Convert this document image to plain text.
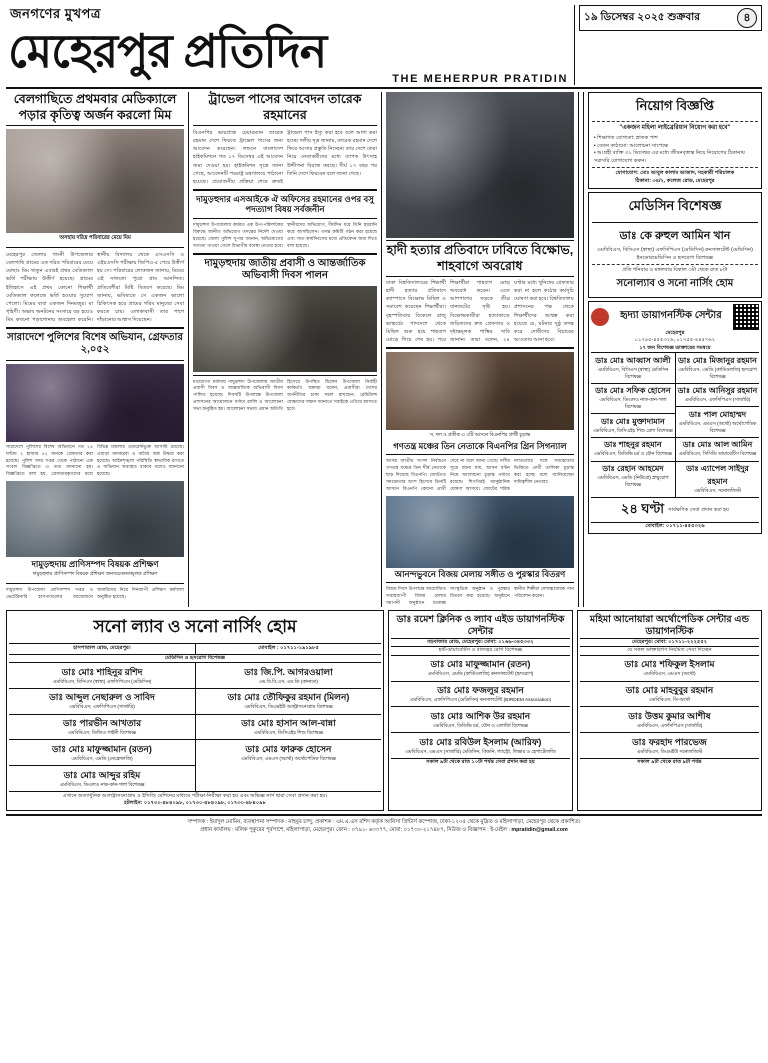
জনগণের মুখপত্র
মেহেরপুর প্রতিদিন
THE MEHERPUR PRATIDIN
১৯ ডিসেম্বর ২০২৫ শুক্রবার	৪
বেলগাছিতে প্রথমবার মেডিক্যালে পড়ার কৃতিত্ব অর্জন করলো মিম
অসহায় দরিদ্র পরিবারের মেয়ে মিম
মেহেরপুর জেলার গাংনী উপজেলার বেলগাছি গ্রামের এক দরিদ্র পরিবারের মেয়ে মোছাঃ মিম খাতুন এবারই প্রথম মেডিক্যাল ভর্তি পরীক্ষায় উত্তীর্ণ হয়েছে। গ্রামের ইতিহাসে এই প্রথম কোনো শিক্ষার্থী মেডিক্যাল কলেজে ভর্তি হওয়ার সুযোগ পেলো। মিমের বাবা একজন দিনমজুর। মা গৃহিণী। অভাব অনটনের সংসারে বড় হয়েও মিম কখনো পড়াশোনায় অবহেলা করেনি। স্থানীয় বিদ্যালয় থেকে এসএসসি ও এইচএসসি পরীক্ষায় জিপিএ-৫ পেয়ে উত্তীর্ণ হয় সে। পরিবারের লোকজন জানায়, মিমের এই সাফল্যে পুরো গ্রাম আনন্দিত। প্রতিবেশীরা মিষ্টি বিতরণ করেছে। মিম জানায়, ভবিষ্যতে সে একজন ভালো চিকিৎসক হয়ে গ্রামের গরিব মানুষের সেবা করতে চায়। এলাকাবাসী তার পাশে দাঁড়ানোর আশ্বাস দিয়েছেন।
সারাদেশে পুলিশের বিশেষ অভিযান, গ্রেফতার ২,০৫২
সারাদেশে পুলিশের বিশেষ অভিযানে গত ২৪ ঘণ্টায় ২ হাজার ৫২ জনকে গ্রেফতার করা হয়েছে। পুলিশ সদর দপ্তর থেকে পাঠানো এক সংবাদ বিজ্ঞপ্তিতে এ তথ্য জানানো হয়। বিজ্ঞপ্তিতে বলা হয়, গ্রেফতারকৃতদের মধ্যে বিভিন্ন মামলার ওয়ারেন্টভুক্ত আসামি রয়েছে। এছাড়া মাদকদ্রব্য ও অবৈধ অস্ত্র উদ্ধার করা হয়েছে। আইনশৃঙ্খলা পরিস্থিতি স্বাভাবিক রাখতে এ অভিযান অব্যাহত থাকবে বলেও জানানো হয়েছে।
দামুড়হুদায় প্রাণিসম্পদ বিষয়ক প্রশিক্ষণ
দামুড়হুদায় প্রাণিসম্পদ বিষয়ক প্রশিক্ষণ জনসচেতনতামূলক প্রশিক্ষণ
দামুড়হুদা উপজেলা প্রাণিসম্পদ দপ্তর ও ভেটেরিনারি হাসপাতালের আয়োজনে খামারিদের নিয়ে দিনব্যাপী প্রশিক্ষণ কর্মশালা অনুষ্ঠিত হয়েছে।
ট্রাভেল পাসের আবেদন তারেক রহমানের
বিএনপির ভারপ্রাপ্ত চেয়ারম্যান তারেক রহমান দেশে ফিরতে ট্রাভেল পাসের জন্য আবেদন করেছেন। লন্ডনে বাংলাদেশ হাইকমিশনে গত ১৭ ডিসেম্বর এই আবেদন জমা দেওয়া হয়। হাইকমিশন সূত্রে জানা গেছে, আবেদনটি পররাষ্ট্র মন্ত্রণালয়ে পাঠানো হয়েছে। প্রয়োজনীয় প্রক্রিয়া শেষে দ্রুতই ট্রাভেল পাস ইস্যু করা হবে বলে আশা করা হচ্ছে। দলীয় সূত্র জানায়, তারেক রহমান দেশে ফিরে আসার প্রস্তুতি নিচ্ছেন। তার দেশে ফেরা নিয়ে নেতাকর্মীদের মধ্যে ব্যাপক উৎসাহ উদ্দীপনা বিরাজ করছে। দীর্ঘ ১৭ বছর পর তিনি দেশে ফিরবেন বলে জানা গেছে।
দামুড়হুদার এসআইকে ঐ অফিসের রহমানের ওপর বসু পদত্যাগ বিষয় সর্বজনীন
দামুড়হুদা উপজেলায় কর্মরত এক উপ-পরিদর্শকের বিরুদ্ধে আনীত অভিযোগ তদন্তের নির্দেশ দেওয়া হয়েছে। জেলা পুলিশ সুপার জানান, অভিযোগের সত্যতা পাওয়া গেলে বিভাগীয় ব্যবস্থা নেওয়া হবে। স্থানীয়দের অভিযোগ, দীর্ঘদিন ধরে তিনি হয়রানি করে আসছিলেন। তদন্ত কমিটি গঠন করা হয়েছে এবং সাত কার্যদিবসের মধ্যে প্রতিবেদন জমা দিতে বলা হয়েছে।
দামুড়হুদায় জাতীয় প্রবাসী ও আন্তর্জাতিক অভিবাসী দিবস পালন
যথাযোগ্য মর্যাদায় দামুড়হুদা উপজেলায় জাতীয় প্রবাসী দিবস ও আন্তর্জাতিক অভিবাসী দিবস পালিত হয়েছে। দিবসটি উপলক্ষে উপজেলা প্রশাসনের আয়োজনে বর্ণাঢ্য র‍্যালি ও আলোচনা সভা অনুষ্ঠিত হয়। আলোচনা সভায় প্রধান অতিথি হিসেবে উপস্থিত ছিলেন উপজেলা নির্বাহী কর্মকর্তা। বক্তারা বলেন, প্রবাসীরা দেশের অর্থনীতির চাকা সচল রাখছেন। রেমিট্যান্স যোদ্ধাদের সম্মান জানাতে সবাইকে এগিয়ে আসতে হবে।
হাদী হত্যার প্রতিবাদে ঢাবিতে বিক্ষোভ, শাহবাগে অবরোধ
ঢাকা বিশ্ববিদ্যালয়ের শিক্ষার্থী হাদী হত্যার প্রতিবাদে ক্যাম্পাসে বিক্ষোভ মিছিল ও সমাবেশ করেছেন শিক্ষার্থীরা। বৃহস্পতিবার বিকেলে রাজু ভাস্কর্যের পাদদেশে থেকে মিছিল শুরু হয়ে শাহবাগ মোড়ে গিয়ে শেষ হয়। পরে শিক্ষার্থীরা শাহবাগ মোড় অবরোধ করেন। এতে আশপাশের সড়কে তীব্র যানজটের সৃষ্টি হয়। বিক্ষোভকারীরা হত্যাকাণ্ডে জড়িতদের দ্রুত গ্রেফতার ও দৃষ্টান্তমূলক শাস্তির দাবি জানান। তারা বলেন, ২৪ ঘণ্টার মধ্যে খুনিদের গ্রেফতার করা না হলে কঠোর কর্মসূচি ঘোষণা করা হবে। বিশ্ববিদ্যালয় প্রশাসনের পক্ষ থেকে শিক্ষার্থীদের আশ্বস্ত করা হয়েছে যে, ঘটনার সুষ্ঠু তদন্ত করে দোষীদের বিচারের আওতায় আনা হবে।
স, দল ও প্রতীক এ ৩টি আসনে বিএনপির প্রার্থী চূড়ান্ত
গণতন্ত্র মঞ্চের তিন নেতাকে বিএনপির গ্রিন সিগন্যাল
আসন্ন জাতীয় সংসদ নির্বাচনে গণতন্ত্র মঞ্চের তিন শীর্ষ নেতাকে ছাড় দিয়েছে বিএনপি। জোটগত সমঝোতার অংশ হিসেবে তিনটি আসনে বিএনপি কোনো প্রার্থী দেবে না বলে জানা গেছে। দলীয় সূত্রে জানা যায়, আসন বণ্টন নিয়ে আলোচনা চূড়ান্ত পর্যায়ে রয়েছে। শিগগিরই আনুষ্ঠানিক ঘোষণা আসবে। জোটের শরিক দলগুলোর সঙ্গে সমঝোতার ভিত্তিতে প্রার্থী তালিকা চূড়ান্ত করা হচ্ছে বলে জানিয়েছেন দায়িত্বশীল নেতারা।
আনন্দভুবনে বিজয় মেলায় সঙ্গীত ও পুরস্কার বিতরণ
বিজয় দিবস উপলক্ষে আয়োজিত সপ্তাহব্যাপী বিজয় মেলার সমাপনী অনুষ্ঠানে মনোজ্ঞ সাংস্কৃতিক অনুষ্ঠান ও পুরস্কার বিতরণ করা হয়েছে। অনুষ্ঠানে স্থানীয় শিল্পীরা দেশাত্মবোধক গান পরিবেশন করেন।
নিয়োগ বিজ্ঞপ্তি
"একজন মহিলা লাইব্রেরিয়ান নিয়োগ করা হবে"
• শিক্ষাগত যোগ্যতা: স্নাতক পাশ
• বেতন কাঠামো: আলোচনা সাপেক্ষে
• আগ্রহী ব্যক্তি ৩১ ডিসেম্বর এর মধ্যে জীবনবৃত্তান্ত নিয়ে নিয়োগের ঠিকানায় সরাসরি যোগাযোগ করুন।
যোগাযোগ: মোঃ আবুল কালাম আজাদ, সহকারী পরিচালক
ঠিকানা: ৩৪/২, কলেজ রোড, মেহেরপুর
মেডিসিন বিশেষজ্ঞ
ডাঃ কে রুহুল আমিন খান
এমবিবিএস, বিসিএস (স্বাস্থ্য) এফসিপিএস (মেডিসিন) কনসালটেন্ট (মেডিসিন) ইনডোরমেডিসিন ও হৃদরোগ বিশেষজ্ঞ
প্রতি শনিবার ও মঙ্গলবার বিকাল ৩টা থেকে রাত ৮টা
সনোল্যাব ও সনো নার্সিং হোম
হৃদ্যা ডায়াগনস্টিক সেন্টার
মেহেরপুর
০১৭৯৫-৪৫৫৩২৬, ০১৭৫৫-৪৪৫৭৬২
১৭ জন বিশেষজ্ঞ ডাক্তারের সমন্বয়ে
ডাঃ মোঃ আব্বাস আলী
এমবিবিএস, বিসিএস (স্বাস্থ্য) মেডিসিন বিশেষজ্ঞ
ডাঃ মোঃ সফিক হোসেন
এমবিবিএস, ডিএলও নাক-কান-গলা বিশেষজ্ঞ
ডাঃ মোঃ মুক্তাদামান
এমবিবিএস, ডিসিএইচ শিশু রোগ বিশেষজ্ঞ
ডাঃ শাহনুর রহমান
এমবিবিএস, ডিডিভি চর্ম ও যৌন বিশেষজ্ঞ
ডাঃ রেহান আহমেদ
এমবিবিএস, এমডি (নিউরো) স্নায়ুরোগ বিশেষজ্ঞ
ডাঃ মোঃ মিজানুর রহমান
এমবিবিএস, এমডি (কার্ডিওলজি) হৃদরোগ বিশেষজ্ঞ
ডাঃ মোঃ আনিসুর রহমান
এমবিবিএস, এফসিপিএস (সার্জারি)
ডাঃ পাল মোহাম্মদ
এমবিবিএস, এমএস (অর্থো) অর্থোপেডিক বিশেষজ্ঞ
ডাঃ মোঃ আল আমিন
এমবিবিএস, সিসিডি ডায়াবেটিস বিশেষজ্ঞ
ডাঃ এ্যাপেল সাইদুর রহমান
এমবিবিএস, সনোলজিস্ট
২৪ ঘণ্টা সার্বক্ষণিক সেবা প্রদান করা হয়
মোবাইল: ০১৭১১-৪৫৫৩২৬
সনো ল্যাব ও সনো নার্সিং হোম
হাসপাতাল রোড, মেহেরপুর।	মোবাইল : ০১৭১১-১৯১৯৮৫
মেডিসিন ও হৃদরোগ বিশেষজ্ঞ
ডাঃ মোঃ শাহিনুর রশিদ
এমবিবিএস, বিসিএস (স্বাস্থ্য) এফসিপিএস (মেডিসিন)
ডাঃ আব্দুল নেছারুল ও সাবিদ
এমবিবিএস, এফসিপিএস (সার্জারি)
ডাঃ পারভীন আখতার
এমবিবিএস, ডিজিও গাইনী বিশেষজ্ঞ
ডাঃ মোঃ মাফুজ্জামান (রতন)
এমবিবিএস, এমডি (নেফ্রোলজি)
ডাঃ মোঃ আব্দুর রহিম
এমবিবিএস, ডিএলও নাক-কান-গলা বিশেষজ্ঞ
ডাঃ জি.পি. আগরওয়ালা
এম.বি.বি.এস, এম.ডি (কানাডা)
ডাঃ মোঃ তৌফিকুর রহমান (মিলন)
এমবিবিএস, ডিএমইউ আল্ট্রাসনোগ্রাম বিশেষজ্ঞ
ডাঃ মোঃ হাসান আল-বান্না
এমবিবিএস, ডিসিএইচ শিশু বিশেষজ্ঞ
ডাঃ মোঃ ফারুক হোসেন
এমবিবিএস, এমএস (অর্থো) অর্থোপেডিক বিশেষজ্ঞ
এখানে অত্যাধুনিক আলট্রাসনোগ্রাম ও ইসিজি মেশিনের মাধ্যমে পরীক্ষা-নিরীক্ষা করা হয় এবং অভিজ্ঞ নার্স দ্বারা সেবা প্রদান করা হয়।
হটলাইন: ০১৭৩০-৪৮৪০৯৮, ০১৭৩০-৪৮৪০৯৮, ০১৭৩০-৪৮৪০৯৮
ডাঃ রমেশ ক্লিনিক ও ল্যাব এইড ডায়াগনস্টিক সেন্টার
বড়বাজার রোড, মেহেরপুর। মোবা: ০১৬৬-৩৪৫৩৩২
হার্ট-ডায়াবেটিস ও বাতজ্বর রোগ বিশেষজ্ঞ
ডাঃ মোঃ মাফুজ্জামান (রতন)
এমবিবিএস, এমডি (কার্ডিওলজি) কনসালটেন্ট (হৃদরোগ)
ডাঃ মোঃ ফজলুর রহমান
এমবিবিএস, এফসিপিএস (মেডিসিন) কনসালটেন্ট (BIRDEM Association)
ডাঃ মোঃ আশিক উর রহমান
এমবিবিএস, ডিডিভি চর্ম, যৌন ও এলার্জি বিশেষজ্ঞ
ডাঃ মোঃ রবিউল ইসলাম (আরিফ)
এমবিবিএস, এমএস (সার্জারি) মেডিসিন, কিডনি, গ্যাস্ট্রো, লিভার ও হেপাটোলজি
সকাল ৯টা থেকে রাত ১০টা পর্যন্ত সেবা প্রদান করা হয়
মহিমা আনোয়ারা অর্থোপেডিক সেন্টার এন্ড ডায়াগনস্টিক
মেহেরপুর। মোবা: ০১৭১১-২২২৫৫২
যে সকল ডাক্তারগণ নিয়মিত সেবা দিচ্ছেন
ডাঃ মোঃ শফিকুল ইসলাম
এমবিবিএস, এমএস (অর্থো)
ডাঃ মোঃ মাহবুবুর রহমান
এমবিবিএস, ডি-অর্থো
ডাঃ উত্তম কুমার আশীষ
এমবিবিএস, এফসিপিএস (সার্জারি)
ডাঃ ফরহাদ পারভেজ
এমবিবিএস, ডিএমইউ সনোলজিস্ট
সকাল ৯টা থেকে রাত ৯টা পর্যন্ত
সম্পাদক : ইয়াদুল মোমিন, ব্যবস্থাপনা সম্পাদক : মাহবুব চান্দু, প্রকাশক : এম.এ.এস রশিদ কর্তৃক আনিসা প্রিন্টার্স কম্পোজ, ঢাকা-১২০৫ থেকে মুদ্রিত ও মহিলাপাড়া, মেহেরপুর থেকে প্রকাশিত।
প্রধান কার্যালয় : মলিক পুকুরের পূর্বপাশে, মহিলাপাড়া, মেহেরপুর। ফোন : ০৭৯১- ৬৩৩৭৭, মোবা: ০১৭৩০-২১৭৪৮৭, নিউজ ও বিজ্ঞাপন : ই-মেইল : mpratidin@gmail.com
